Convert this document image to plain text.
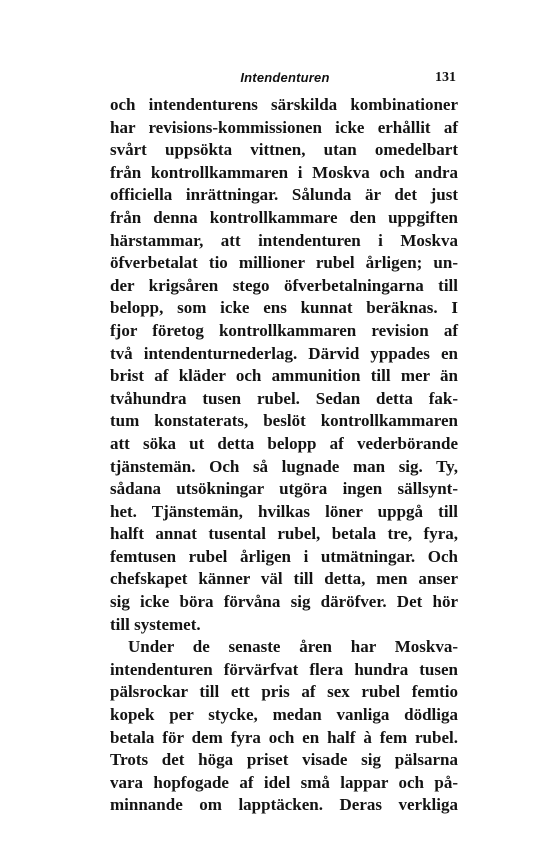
Intendenturen	131
och intendenturens särskilda kombinationer
har revisions-kommissionen icke erhållit af
svårt uppsökta vittnen, utan omedelbart
från kontrollkammaren i Moskva och andra
officiella inrättningar. Sålunda är det just
från denna kontrollkammare den uppgiften
härstammar, att intendenturen i Moskva
öfverbetalat tio millioner rubel årligen; un-
der krigsåren stego öfverbetalningarna till
belopp, som icke ens kunnat beräknas. I
fjor företog kontrollkammaren revision af
två intendenturnederlag. Därvid yppades en
brist af kläder och ammunition till mer än
tvåhundra tusen rubel. Sedan detta fak-
tum konstaterats, beslöt kontrollkammaren
att söka ut detta belopp af vederbörande
tjänstemän. Och så lugnade man sig. Ty,
sådana utsökningar utgöra ingen sällsynt-
het. Tjänstemän, hvilkas löner uppgå till
halft annat tusental rubel, betala tre, fyra,
femtusen rubel årligen i utmätningar. Och
chefskapet känner väl till detta, men anser
sig icke böra förvåna sig däröfver. Det hör
till systemet.
Under de senaste åren har Moskva-
intendenturen förvärfvat flera hundra tusen
pälsrockar till ett pris af sex rubel femtio
kopek per stycke, medan vanliga dödliga
betala för dem fyra och en half à fem rubel.
Trots det höga priset visade sig pälsarna
vara hopfogade af idel små lappar och på-
minnande om lapptäcken. Deras verkliga
